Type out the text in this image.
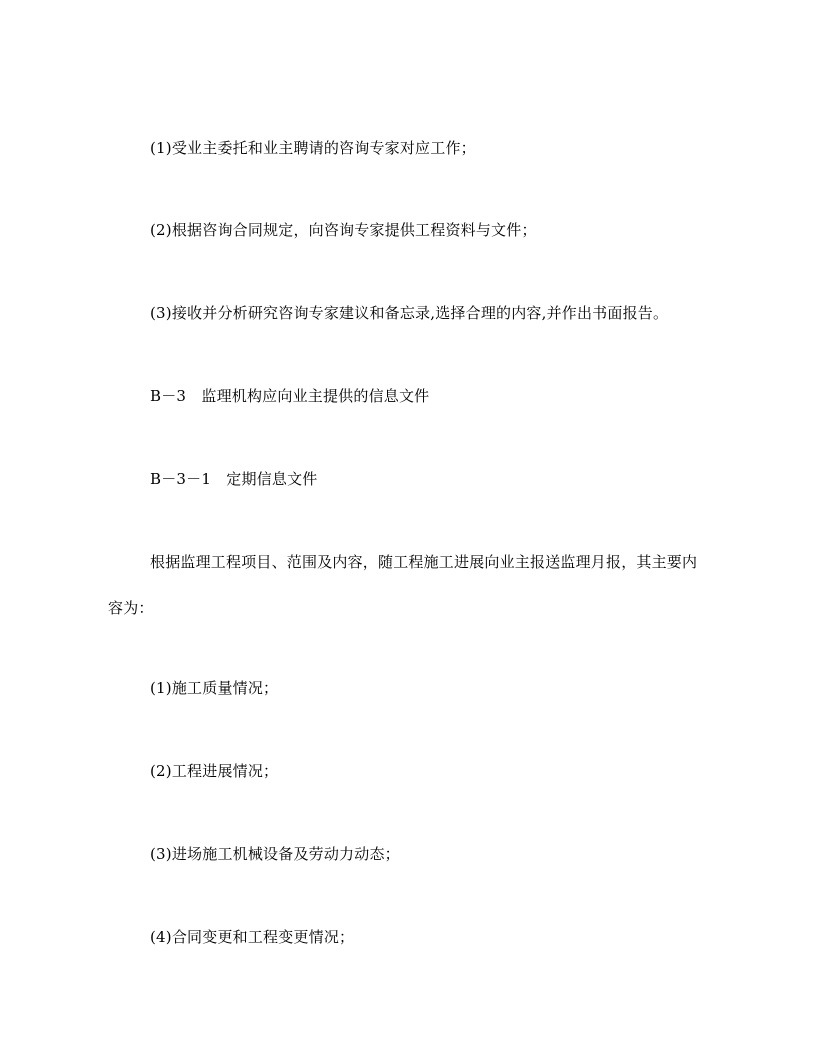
(1)受业主委托和业主聘请的咨询专家对应工作；
(2)根据咨询合同规定，向咨询专家提供工程资料与文件；
(3)接收并分析研究咨询专家建议和备忘录,选择合理的内容,并作出书面报告。
B－3　监理机构应向业主提供的信息文件
B－3－1　定期信息文件
根据监理工程项目、范围及内容，随工程施工进展向业主报送监理月报，其主要内容为：
(1)施工质量情况；
(2)工程进展情况；
(3)进场施工机械设备及劳动力动态；
(4)合同变更和工程变更情况；
